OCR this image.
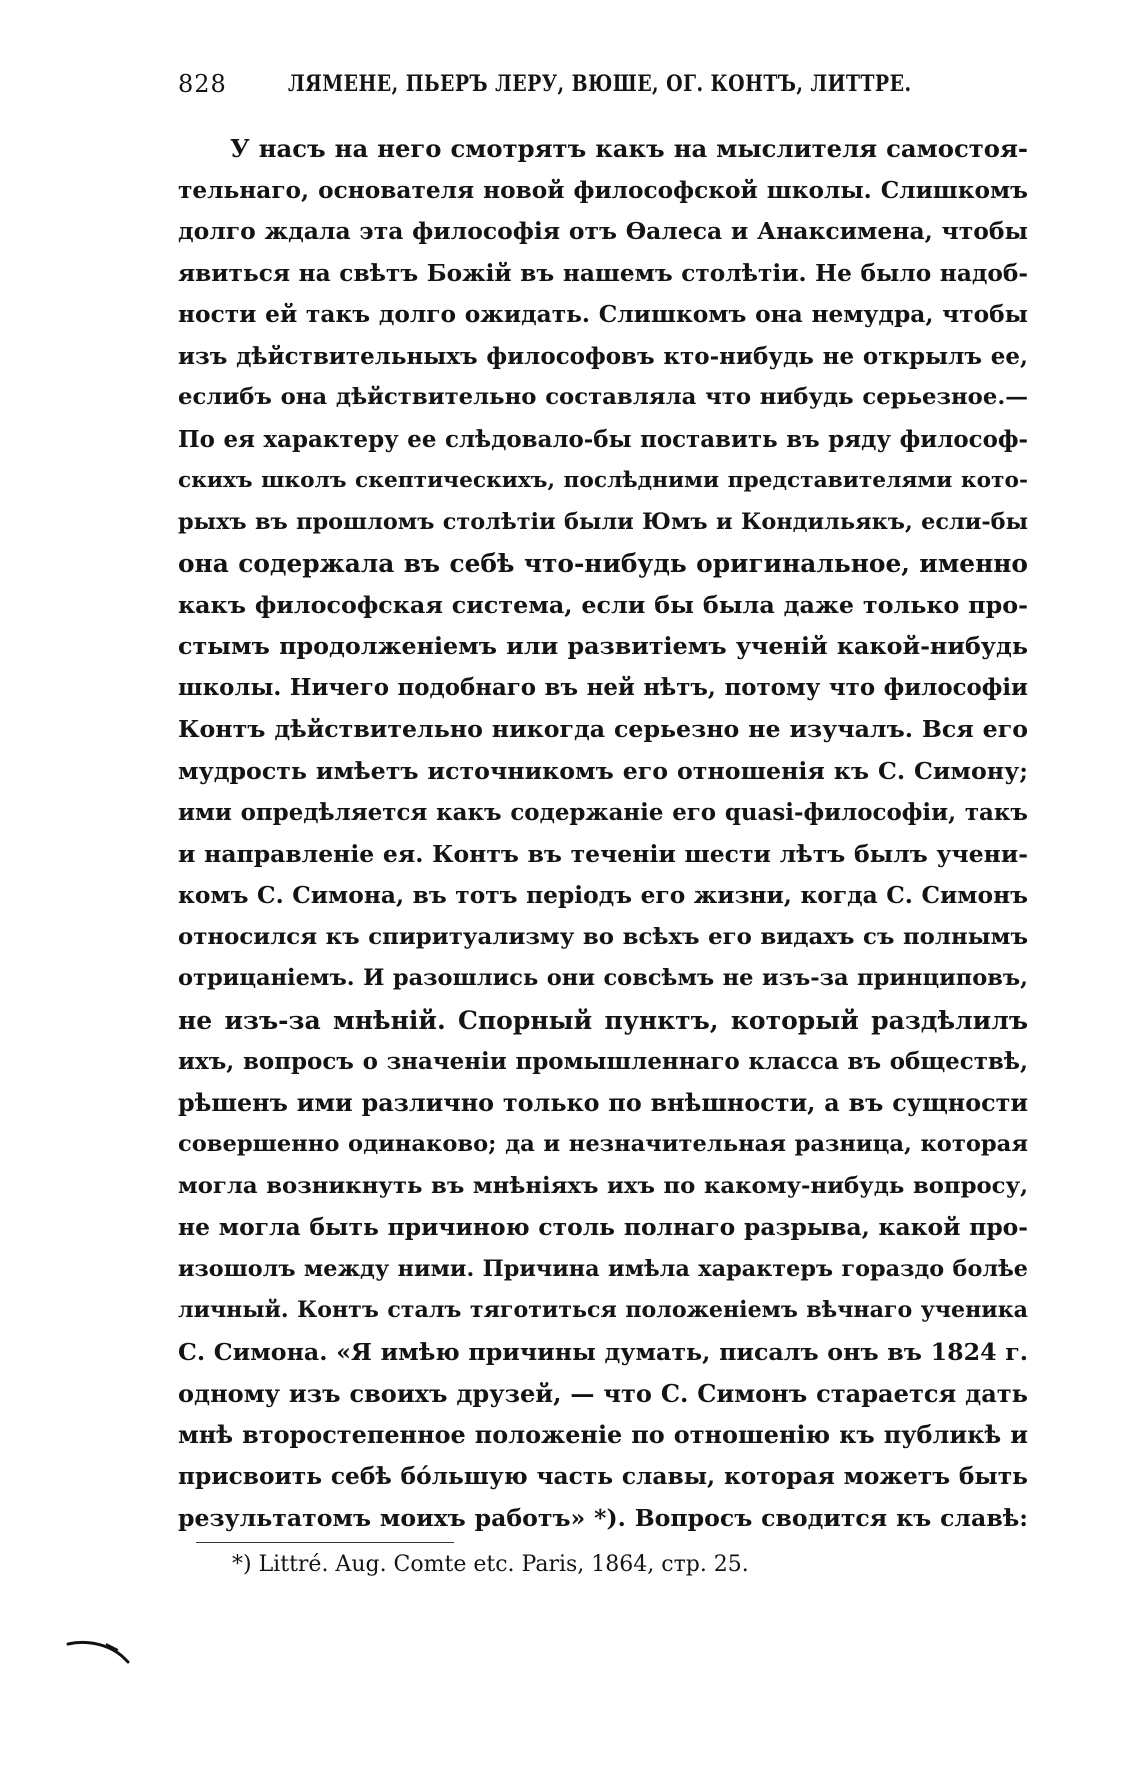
828	ЛЯМЕНЕ, ПЬЕРЪ ЛЕРУ, ВЮШЕ, ОГ. КОНТЪ, ЛИТТРЕ.
У насъ на него смотрятъ какъ на мыслителя самостоя-
тельнаго, основателя новой философской школы. Слишкомъ
долго ждала эта философія отъ Ѳалеса и Анаксимена, чтобы
явиться на свѣтъ Божій въ нашемъ столѣтіи. Не было надоб-
ности ей такъ долго ожидать. Слишкомъ она немудра, чтобы
изъ дѣйствительныхъ философовъ кто-нибудь не открылъ ее,
еслибъ она дѣйствительно составляла что нибудь серьезное.—
По ея характеру ее слѣдовало-бы поставить въ ряду философ-
скихъ школъ скептическихъ, послѣдними представителями кото-
рыхъ въ прошломъ столѣтіи были Юмъ и Кондильякъ, если-бы
она содержала въ себѣ что-нибудь оригинальное, именно
какъ философская система, если бы была даже только про-
стымъ продолженіемъ или развитіемъ ученій какой-нибудь
школы. Ничего подобнаго въ ней нѣтъ, потому что философіи
Контъ дѣйствительно никогда серьезно не изучалъ. Вся его
мудрость имѣетъ источникомъ его отношенія къ С. Симону;
ими опредѣляется какъ содержаніе его quasi-философіи, такъ
и направленіе ея. Контъ въ теченіи шести лѣтъ былъ учени-
комъ С. Симона, въ тотъ періодъ его жизни, когда С. Симонъ
относился къ спиритуализму во всѣхъ его видахъ съ полнымъ
отрицаніемъ. И разошлись они совсѣмъ не изъ-за принциповъ,
не изъ-за мнѣній. Спорный пунктъ, который раздѣлилъ
ихъ, вопросъ о значеніи промышленнаго класса въ обществѣ,
рѣшенъ ими различно только по внѣшности, а въ сущности
совершенно одинаково; да и незначительная разница, которая
могла возникнуть въ мнѣніяхъ ихъ по какому-нибудь вопросу,
не могла быть причиною столь полнаго разрыва, какой про-
изошолъ между ними. Причина имѣла характеръ гораздо болѣе
личный. Контъ сталъ тяготиться положеніемъ вѣчнаго ученика
С. Симона. «Я имѣю причины думать, писалъ онъ въ 1824 г.
одному изъ своихъ друзей, — что С. Симонъ старается дать
мнѣ второстепенное положеніе по отношенію къ публикѣ и
присвоить себѣ бо́льшую часть славы, которая можетъ быть
результатомъ моихъ работъ» *). Вопросъ сводится къ славѣ:
*) Littré. Aug. Comte etc. Paris, 1864, стр. 25.
